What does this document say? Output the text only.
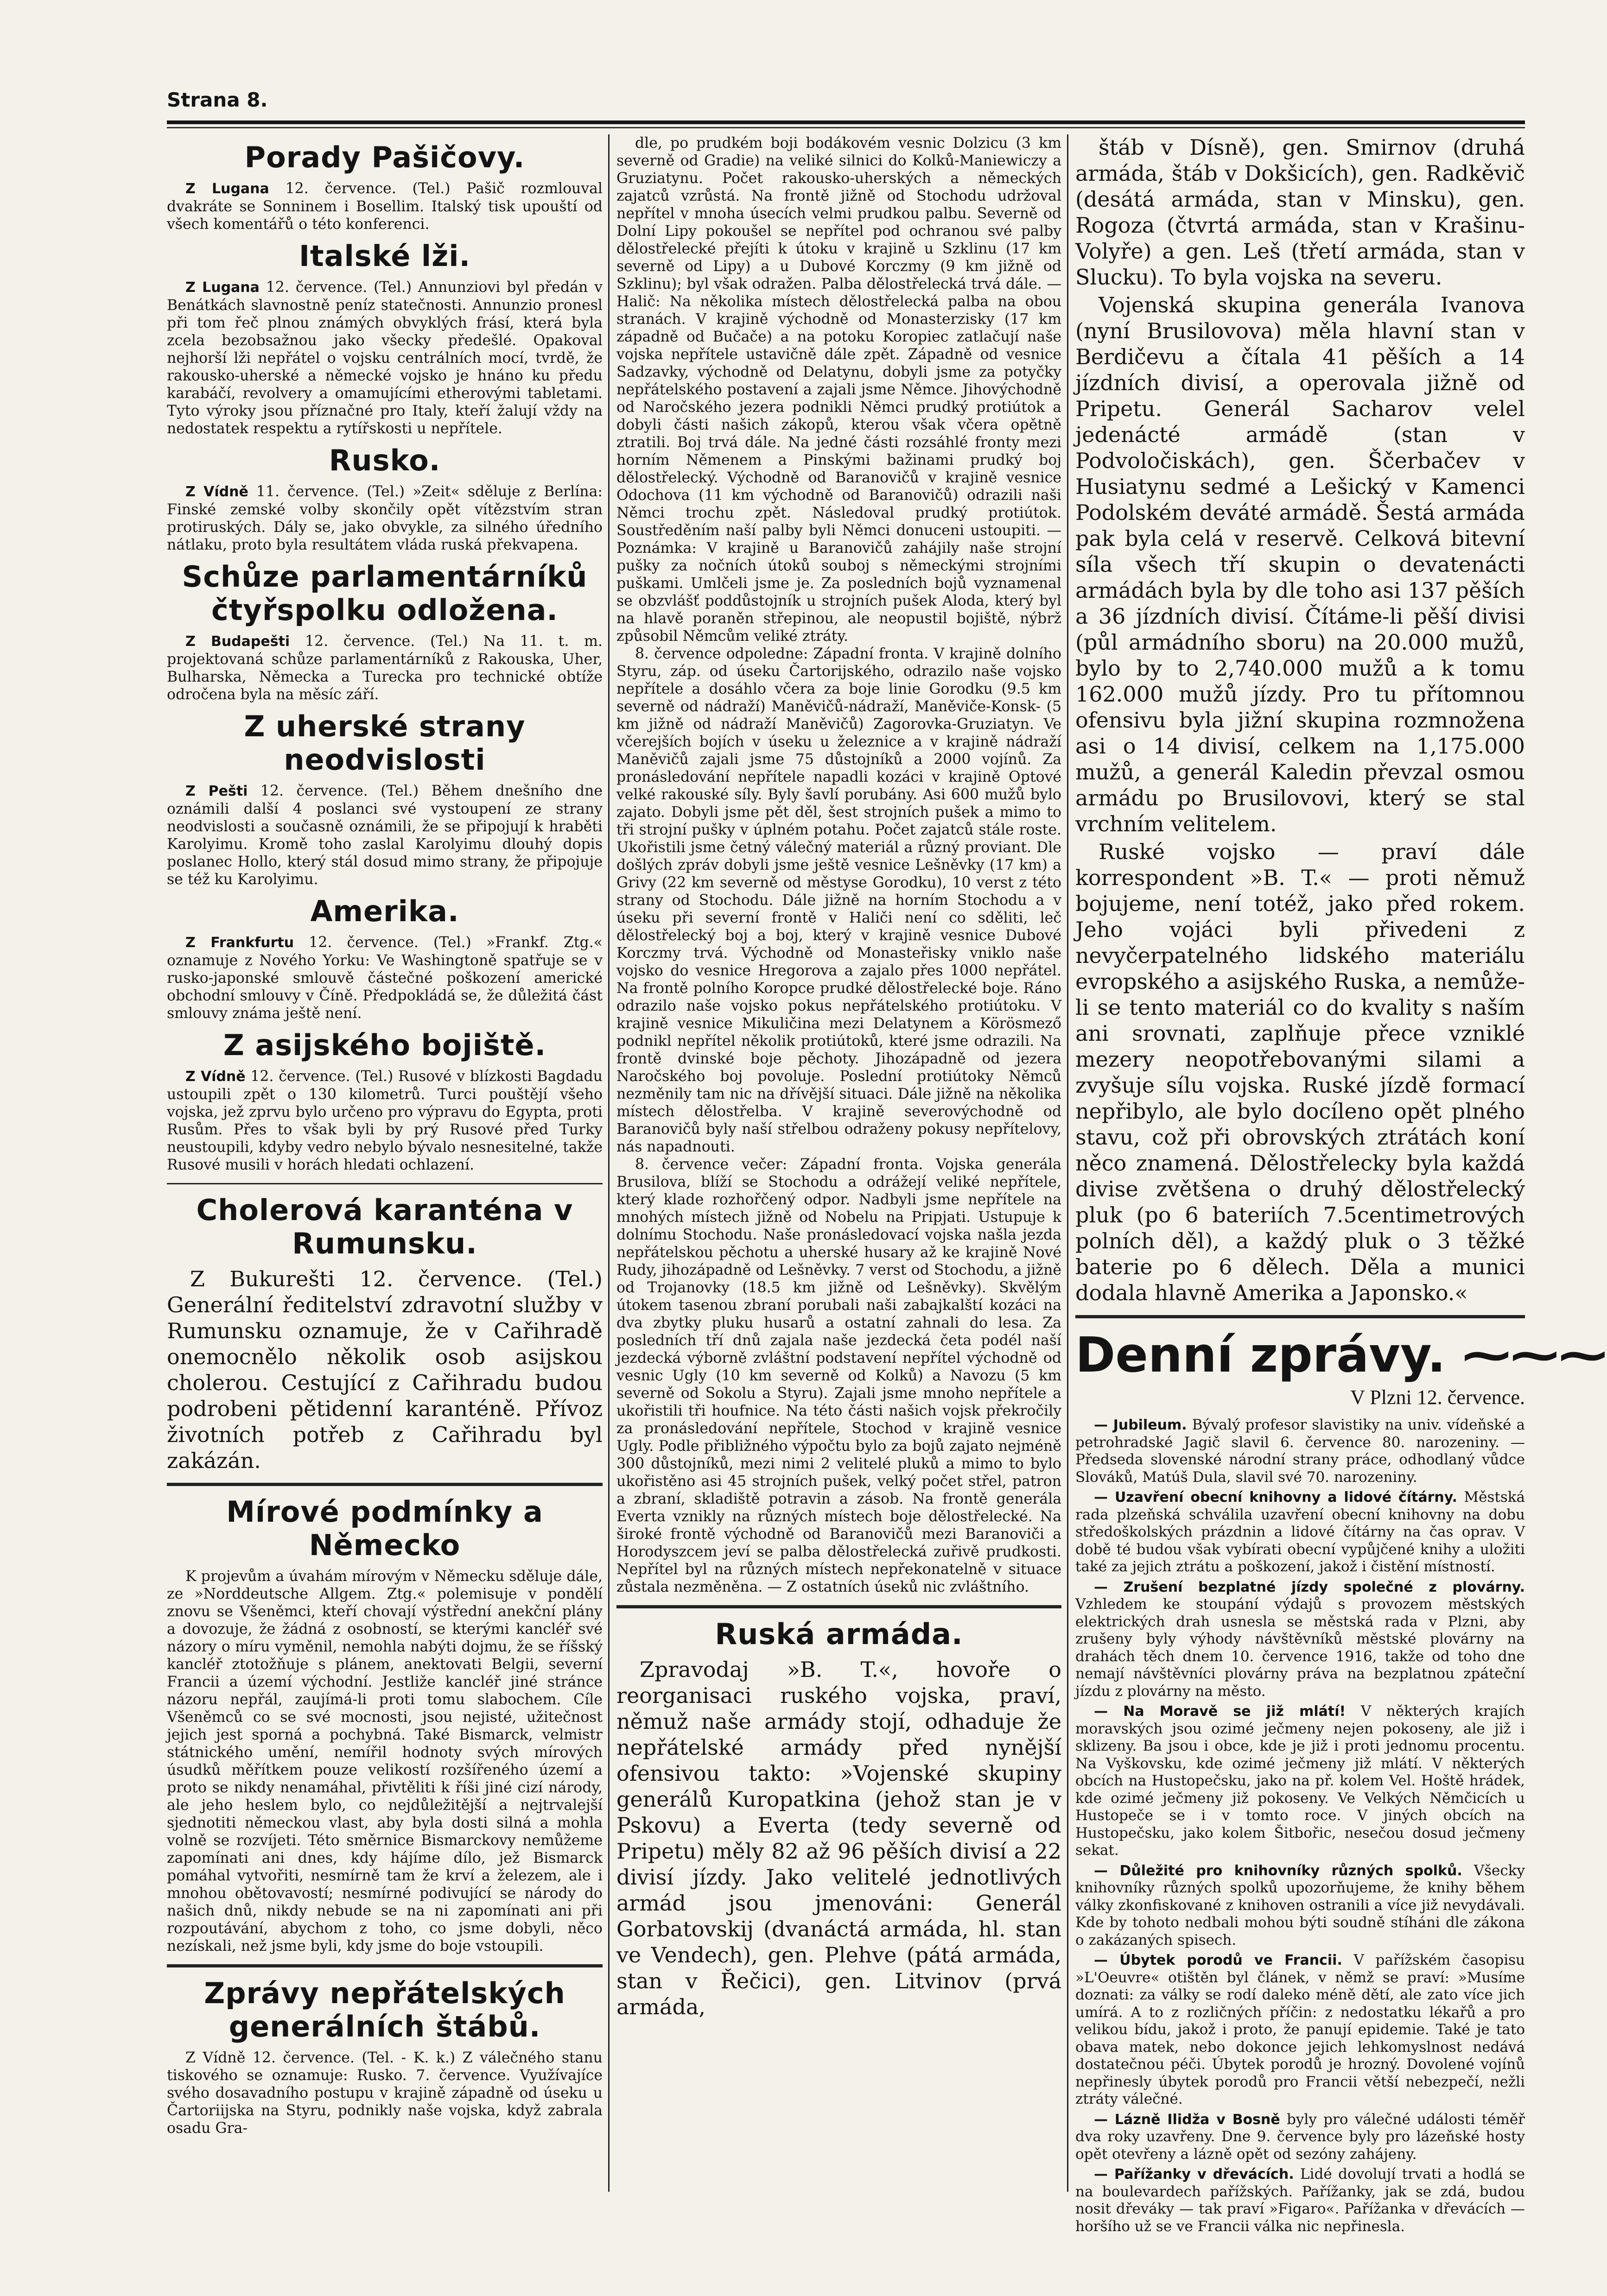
Strana 8.
Porady Pašičovy.

Z Lugana 12. července. (Tel.) Pašič rozmlouval dvakráte se Sonninem i Bosellim. Italský tisk upouští od všech komentářů o této konferenci.

Italské lži.

Z Lugana 12. července. (Tel.) Annunziovi byl předán v Benátkách slavnostně peníz statečnosti. Annunzio pronesl při tom řeč plnou známých obvyklých frásí, která byla zcela bezobsažnou jako všecky předešlé. Opakoval nejhorší lži nepřátel o vojsku centrálních mocí, tvrdě, že rakousko-uherské a německé vojsko je hnáno ku předu karabáčí, revolvery a omamujícími etherovými tabletami. Tyto výroky jsou příznačné pro Italy, kteří žalují vždy na nedostatek respektu a rytířskosti u nepřítele.

Rusko.

Z Vídně 11. července. (Tel.) »Zeit« sděluje z Berlína: Finské zemské volby skončily opět vítězstvím stran protiruských. Dály se, jako obvykle, za silného úředního nátlaku, proto byla resultátem vláda ruská překvapena.

Schůze parlamentárníků čtyřspolku odložena.

Z Budapešti 12. července. (Tel.) Na 11. t. m. projektovaná schůze parlamentárníků z Rakouska, Uher, Bulharska, Německa a Turecka pro technické obtíže odročena byla na měsíc září.

Z uherské strany neodvislosti

Z Pešti 12. července. (Tel.) Během dnešního dne oznámili další 4 poslanci své vystoupení ze strany neodvislosti a současně oznámili, že se připojují k hraběti Karolyimu. Kromě toho zaslal Karolyimu dlouhý dopis poslanec Hollo, který stál dosud mimo strany, že připojuje se též ku Karolyimu.

Amerika.

Z Frankfurtu 12. července. (Tel.) »Frankf. Ztg.« oznamuje z Nového Yorku: Ve Washingtoně spatřuje se v rusko-japonské smlouvě částečné poškození americké obchodní smlouvy v Číně. Předpokládá se, že důležitá část smlouvy známa ještě není.

Z asijského bojiště.

Z Vídně 12. července. (Tel.) Rusové v blízkosti Bagdadu ustoupili zpět o 130 kilometrů. Turci pouštějí všeho vojska, jež zprvu bylo určeno pro výpravu do Egypta, proti Rusům. Přes to však byli by prý Rusové před Turky neustoupili, kdyby vedro nebylo bývalo nesnesitelné, takže Rusové musili v horách hledati ochlazení.

Cholerová karanténa v Rumunsku.

Z Bukurešti 12. července. (Tel.) Generální ředitelství zdravotní služby v Rumunsku oznamuje, že v Cařihradě onemocnělo několik osob asijskou cholerou. Cestující z Cařihradu budou podrobeni pětidenní karanténě. Přívoz životních potřeb z Cařihradu byl zakázán.

Mírové podmínky a Německo

K projevům a úvahám mírovým v Německu sděluje dále, ze »Norddeutsche Allgem. Ztg.« polemisuje v pondělí znovu se Všeněmci, kteří chovají výstřední anekční plány a dovozuje, že žádná z osobností, se kterými kancléř své názory o míru vyměnil, nemohla nabýti dojmu, že se říšský kancléř ztotožňuje s plánem, anektovati Belgii, severní Francii a území východní. Jestliže kancléř jiné stránce názoru nepřál, zaujímá-li proti tomu slabochem. Cíle Všeněmců co se své mocnosti, jsou nejisté, užitečnost jejich jest sporná a pochybná. Také Bismarck, velmistr státnického umění, nemířil hodnoty svých mírových úsudků měřítkem pouze velikostí rozšířeného území a proto se nikdy nenamáhal, přivtěliti k říši jiné cizí národy, ale jeho heslem bylo, co nejdůležitější a nejtrvalejší sjednotiti německou vlast, aby byla dosti silná a mohla volně se rozvíjeti. Této směrnice Bismarckovy nemůžeme zapomínati ani dnes, kdy hájíme dílo, jež Bismarck pomáhal vytvořiti, nesmírně tam že krví a železem, ale i mnohou obětovavostí; nesmírné podivující se národy do našich dnů, nikdy nebude se na ni zapomínati ani při rozpoutávání, abychom z toho, co jsme dobyli, něco nezískali, než jsme byli, kdy jsme do boje vstoupili.

Zprávy nepřátelských generálních štábů.

Z Vídně 12. července. (Tel. - K. k.) Z válečného stanu tiskového se oznamuje: Rusko. 7. července. Využívajíce svého dosavadního postupu v krajině západně od úseku u Čartoriijska na Styru, podnikly naše vojska, když zabrala osadu Gra-

dle, po prudkém boji bodákovém vesnic Dolzicu (3 km severně od Gradie) na veliké silnici do Kolků-Maniewiczy a Gruziatynu. Počet rakousko-uherských a německých zajatců vzrůstá. Na frontě jižně od Stochodu udržoval nepřítel v mnoha úsecích velmi prudkou palbu. Severně od Dolní Lipy pokoušel se nepřítel pod ochranou své palby dělostřelecké přejíti k útoku v krajině u Szklinu (17 km severně od Lipy) a u Dubové Korczmy (9 km jižně od Szklinu); byl však odražen. Palba dělostřelecká trvá dále. — Halič: Na několika místech dělostřelecká palba na obou stranách. V krajině východně od Monasterzisky (17 km západně od Bučače) a na potoku Koropiec zatlačují naše vojska nepřítele ustavičně dále zpět. Západně od vesnice Sadzavky, východně od Delatynu, dobyli jsme za potyčky nepřátelského postavení a zajali jsme Němce. Jihovýchodně od Naročského jezera podnikli Němci prudký protiútok a dobyli části našich zákopů, kterou však včera opětně ztratili. Boj trvá dále. Na jedné části rozsáhlé fronty mezi horním Němenem a Pinskými bažinami prudký boj dělostřelecký. Východně od Baranovičů v krajině vesnice Odochova (11 km východně od Baranovičů) odrazili naši Němci trochu zpět. Následoval prudký protiútok. Soustředěním naší palby byli Němci donuceni ustoupiti. — Poznámka: V krajině u Baranovičů zahájily naše strojní pušky za nočních útoků souboj s německými strojními puškami. Umlčeli jsme je. Za posledních bojů vyznamenal se obzvlášť poddůstojník u strojních pušek Aloda, který byl na hlavě poraněn střepinou, ale neopustil bojiště, nýbrž způsobil Němcům veliké ztráty.

8. července odpoledne: Západní fronta. V krajině dolního Styru, záp. od úseku Čartorijského, odrazilo naše vojsko nepřítele a dosáhlo včera za boje linie Gorodku (9.5 km severně od nádraží) Maněvičů-nádraží, Maněviče-Konsk- (5 km jižně od nádraží Maněvičů) Zagorovka-Gruziatyn. Ve včerejších bojích v úseku u železnice a v krajině nádraží Maněvičů zajali jsme 75 důstojníků a 2000 vojínů. Za pronásledování nepřítele napadli kozáci v krajině Optové velké rakouské síly. Byly šavlí porubány. Asi 600 mužů bylo zajato. Dobyli jsme pět děl, šest strojních pušek a mimo to tři strojní pušky v úplném potahu. Počet zajatců stále roste. Ukořistili jsme četný válečný materiál a různý proviant. Dle došlých zpráv dobyli jsme ještě vesnice Lešněvky (17 km) a Grivy (22 km severně od městyse Gorodku), 10 verst z této strany od Stochodu. Dále jižně na horním Stochodu a v úseku při severní frontě v Haliči není co sděliti, leč dělostřelecký boj a boj, který v krajině vesnice Dubové Korczmy trvá. Východně od Monasteřisky vniklo naše vojsko do vesnice Hregorova a zajalo přes 1000 nepřátel. Na frontě polního Koropce prudké dělostřelecké boje. Ráno odrazilo naše vojsko pokus nepřátelského protiútoku. V krajině vesnice Mikuličina mezi Delatynem a Körösmező podnikl nepřítel několik protiútoků, které jsme odrazili. Na frontě dvinské boje pěchoty. Jihozápadně od jezera Naročského boj povoluje. Poslední protiútoky Němců nezměnily tam nic na dřívější situaci. Dále jižně na několika místech dělostřelba. V krajině severovýchodně od Baranovičů byly naší střelbou odraženy pokusy nepřítelovy, nás napadnouti.

8. července večer: Západní fronta. Vojska generála Brusilova, blíží se Stochodu a odrážejí veliké nepřítele, který klade rozhořčený odpor. Nadbyli jsme nepřítele na mnohých místech jižně od Nobelu na Pripjati. Ustupuje k dolnímu Stochodu. Naše pronásledovací vojska našla jezda nepřátelskou pěchotu a uherské husary až ke krajině Nové Rudy, jihozápadně od Lešněvky. 7 verst od Stochodu, a jižně od Trojanovky (18.5 km jižně od Lešněvky). Skvělým útokem tasenou zbraní porubali naši zabajkalští kozáci na dva zbytky pluku husarů a ostatní zahnali do lesa. Za posledních tří dnů zajala naše jezdecká četa podél naší jezdecká výborně zvláštní podstavení nepřítel východně od vesnic Ugly (10 km severně od Kolků) a Navozu (5 km severně od Sokolu a Styru). Zajali jsme mnoho nepřítele a ukořistili tři houfnice. Na této části našich vojsk překročily za pronásledování nepřítele, Stochod v krajině vesnice Ugly. Podle přibližného výpočtu bylo za bojů zajato nejméně 300 důstojníků, mezi nimi 2 velitelé pluků a mimo to bylo ukořistěno asi 45 strojních pušek, velký počet střel, patron a zbraní, skladiště potravin a zásob. Na frontě generála Everta vznikly na různých místech boje dělostřelecké. Na široké frontě východně od Baranovičů mezi Baranoviči a Horodyszcem jeví se palba dělostřelecká zuřivě prudkosti. Nepřítel byl na různých místech nepřekonatelně v situace zůstala nezměněna. — Z ostatních úseků nic zvláštního.

Ruská armáda.

Zpravodaj »B. T.«, hovoře o reorganisaci ruského vojska, praví, němuž naše armády stojí, odhaduje že nepřátelské armády před nynější ofensivou takto: »Vojenské skupiny generálů Kuropatkina (jehož stan je v Pskovu) a Everta (tedy severně od Pripetu) měly 82 až 96 pěších divisí a 22 divisí jízdy. Jako velitelé jednotlivých armád jsou jmenováni: Generál Gorbatovskij (dvanáctá armáda, hl. stan ve Vendech), gen. Plehve (pátá armáda, stan v Řečici), gen. Litvinov (prvá armáda,

štáb v Dísně), gen. Smirnov (druhá armáda, štáb v Dokšicích), gen. Radkěvič (desátá armáda, stan v Minsku), gen. Rogoza (čtvrtá armáda, stan v Krašinu-Volyře) a gen. Leš (třetí armáda, stan v Slucku). To byla vojska na severu.

Vojenská skupina generála Ivanova (nyní Brusilovova) měla hlavní stan v Berdičevu a čítala 41 pěších a 14 jízdních divisí, a operovala jižně od Pripetu. Generál Sacharov velel jedenácté armádě (stan v Podvoločiskách), gen. Ščerbačev v Husiatynu sedmé a Lešický v Kamenci Podolském deváté armádě. Šestá armáda pak byla celá v reservě. Celková bitevní síla všech tří skupin o devatenácti armádách byla by dle toho asi 137 pěších a 36 jízdních divisí. Čítáme-li pěší divisi (půl armádního sboru) na 20.000 mužů, bylo by to 2,740.000 mužů a k tomu 162.000 mužů jízdy. Pro tu přítomnou ofensivu byla jižní skupina rozmnožena asi o 14 divisí, celkem na 1,175.000 mužů, a generál Kaledin převzal osmou armádu po Brusilovovi, který se stal vrchním velitelem.

Ruské vojsko — praví dále korrespondent »B. T.« — proti němuž bojujeme, není totéž, jako před rokem. Jeho vojáci byli přivedeni z nevyčerpatelného lidského materiálu evropského a asijského Ruska, a nemůže-li se tento materiál co do kvality s naším ani srovnati, zaplňuje přece vzniklé mezery neopotřebovanými silami a zvyšuje sílu vojska. Ruské jízdě formací nepřibylo, ale bylo docíleno opět plného stavu, což při obrovských ztrátách koní něco znamená. Dělostřelecky byla každá divise zvětšena o druhý dělostřelecký pluk (po 6 bateriích 7.5centimetrových polních děl), a každý pluk o 3 těžké baterie po 6 dělech. Děla a munici dodala hlavně Amerika a Japonsko.«

Denní zprávy. ⁓⁓⁓
V Plzni 12. července.

— Jubileum. Bývalý profesor slavistiky na univ. vídeňské a petrohradské Jagič slavil 6. července 80. narozeniny. — Předseda slovenské národní strany práce, odhodlaný vůdce Slováků, Matúš Dula, slavil své 70. narozeniny.

— Uzavření obecní knihovny a lidové čítárny. Městská rada plzeňská schválila uzavření obecní knihovny na dobu středoškolských prázdnin a lidové čítárny na čas oprav. V době té budou však vybírati obecní vypůjčené knihy a uložiti také za jejich ztrátu a poškození, jakož i čistění místností.

— Zrušení bezplatné jízdy společné z plovárny. Vzhledem ke stoupání výdajů s provozem městských elektrických drah usnesla se městská rada v Plzni, aby zrušeny byly výhody návštěvníků městské plovárny na drahách těch dnem 10. července 1916, takže od toho dne nemají návštěvníci plovárny práva na bezplatnou zpáteční jízdu z plovárny na město.

— Na Moravě se již mlátí! V některých krajích moravských jsou ozimé ječmeny nejen pokoseny, ale již i sklizeny. Ba jsou i obce, kde je již i proti jednomu procentu. Na Vyškovsku, kde ozimé ječmeny již mlátí. V některých obcích na Hustopečsku, jako na př. kolem Vel. Hoště hrádek, kde ozimé ječmeny již pokoseny. Ve Velkých Němčicích u Hustopeče se i v tomto roce. V jiných obcích na Hustopečsku, jako kolem Šitbořic, nesečou dosud ječmeny sekat.

— Důležité pro knihovníky různých spolků. Všecky knihovníky různých spolků upozorňujeme, že knihy během války zkonfiskované z knihoven ostranili a více již nevydávali. Kde by tohoto nedbali mohou býti soudně stíháni dle zákona o zakázaných spisech.

— Úbytek porodů ve Francii. V pařížském časopisu »L'Oeuvre« otištěn byl článek, v němž se praví: »Musíme doznati: za války se rodí daleko méně dětí, ale zato více jich umírá. A to z rozličných příčin: z nedostatku lékařů a pro velikou bídu, jakož i proto, že panují epidemie. Také je tato obava matek, nebo dokonce jejich lehkomyslnost nedává dostatečnou péči. Úbytek porodů je hrozný. Dovolené vojínů nepřinesly úbytek porodů pro Francii větší nebezpečí, nežli ztráty válečné.

— Lázně Ilidža v Bosně byly pro válečné události téměř dva roky uzavřeny. Dne 9. července byly pro lázeňské hosty opět otevřeny a lázně opět od sezóny zahájeny.

— Pařížanky v dřevácích. Lidé dovolují trvati a hodlá se na boulevardech pařížských. Pařížanky, jak se zdá, budou nosit dřeváky — tak praví »Figaro«. Pařížanka v dřevácích — horšího už se ve Francii válka nic nepřinesla.
